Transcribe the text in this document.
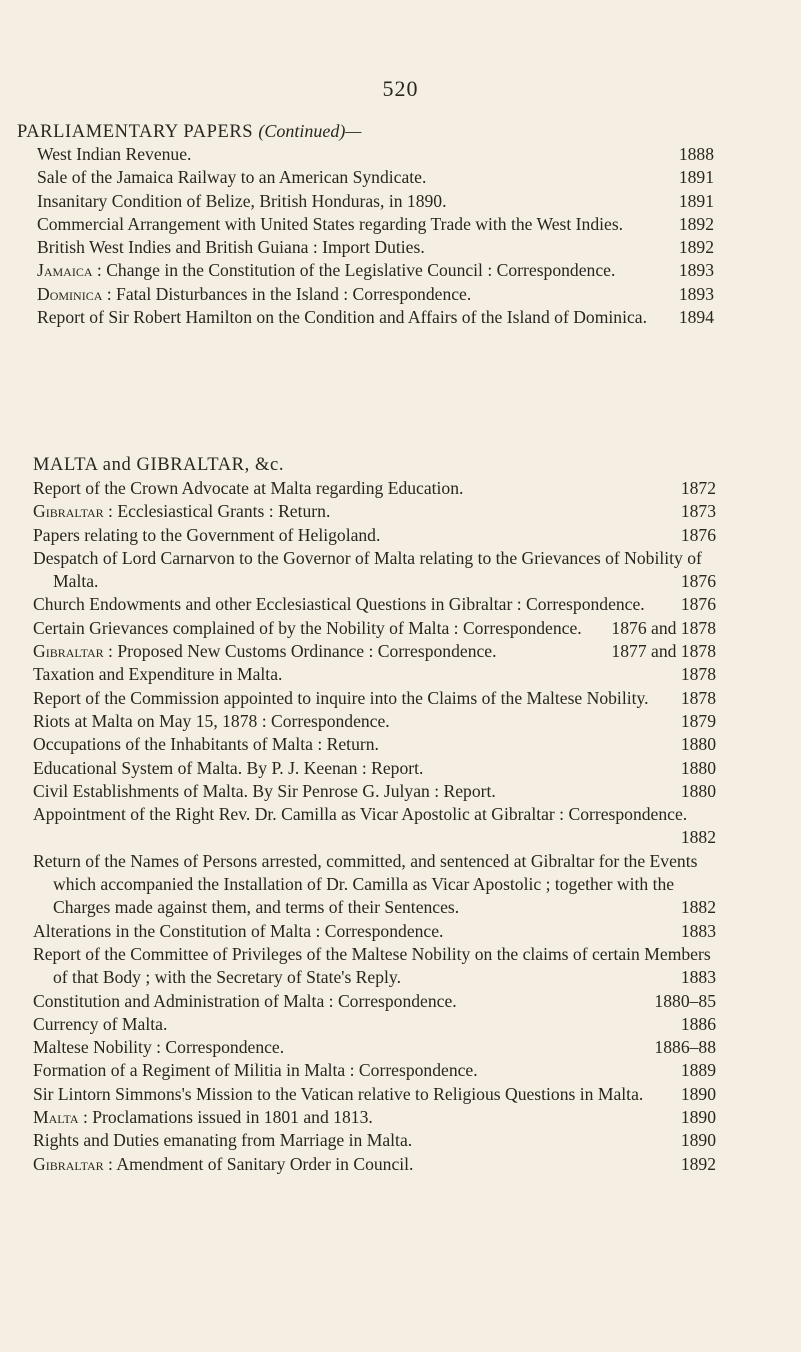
520
PARLIAMENTARY PAPERS (Continued)—
West Indian Revenue.	1888
Sale of the Jamaica Railway to an American Syndicate.	1891
Insanitary Condition of Belize, British Honduras, in 1890.	1891
Commercial Arrangement with United States regarding Trade with the West Indies.	1892
British West Indies and British Guiana : Import Duties.	1892
Jamaica : Change in the Constitution of the Legislative Council : Correspondence.	1893
Dominica : Fatal Disturbances in the Island : Correspondence.	1893
Report of Sir Robert Hamilton on the Condition and Affairs of the Island of Dominica.	1894
MALTA and GIBRALTAR, &c.
Report of the Crown Advocate at Malta regarding Education.	1872
Gibraltar : Ecclesiastical Grants : Return.	1873
Papers relating to the Government of Heligoland.	1876
Despatch of Lord Carnarvon to the Governor of Malta relating to the Grievances of Nobility of Malta.	1876
Church Endowments and other Ecclesiastical Questions in Gibraltar : Correspondence.	1876
Certain Grievances complained of by the Nobility of Malta : Correspondence.	1876 and 1878
Gibraltar : Proposed New Customs Ordinance : Correspondence.	1877 and 1878
Taxation and Expenditure in Malta.	1878
Report of the Commission appointed to inquire into the Claims of the Maltese Nobility.	1878
Riots at Malta on May 15, 1878 : Correspondence.	1879
Occupations of the Inhabitants of Malta : Return.	1880
Educational System of Malta. By P. J. Keenan : Report.	1880
Civil Establishments of Malta. By Sir Penrose G. Julyan : Report.	1880
Appointment of the Right Rev. Dr. Camilla as Vicar Apostolic at Gibraltar : Correspondence.
1882
Return of the Names of Persons arrested, committed, and sentenced at Gibraltar for the Events which accompanied the Installation of Dr. Camilla as Vicar Apostolic ; together with the Charges made against them, and terms of their Sentences.	1882
Alterations in the Constitution of Malta : Correspondence.	1883
Report of the Committee of Privileges of the Maltese Nobility on the claims of certain Members of that Body ; with the Secretary of State's Reply.	1883
Constitution and Administration of Malta : Correspondence.	1880–85
Currency of Malta.	1886
Maltese Nobility : Correspondence.	1886–88
Formation of a Regiment of Militia in Malta : Correspondence.	1889
Sir Lintorn Simmons's Mission to the Vatican relative to Religious Questions in Malta.	1890
Malta : Proclamations issued in 1801 and 1813.	1890
Rights and Duties emanating from Marriage in Malta.	1890
Gibraltar : Amendment of Sanitary Order in Council.	1892
